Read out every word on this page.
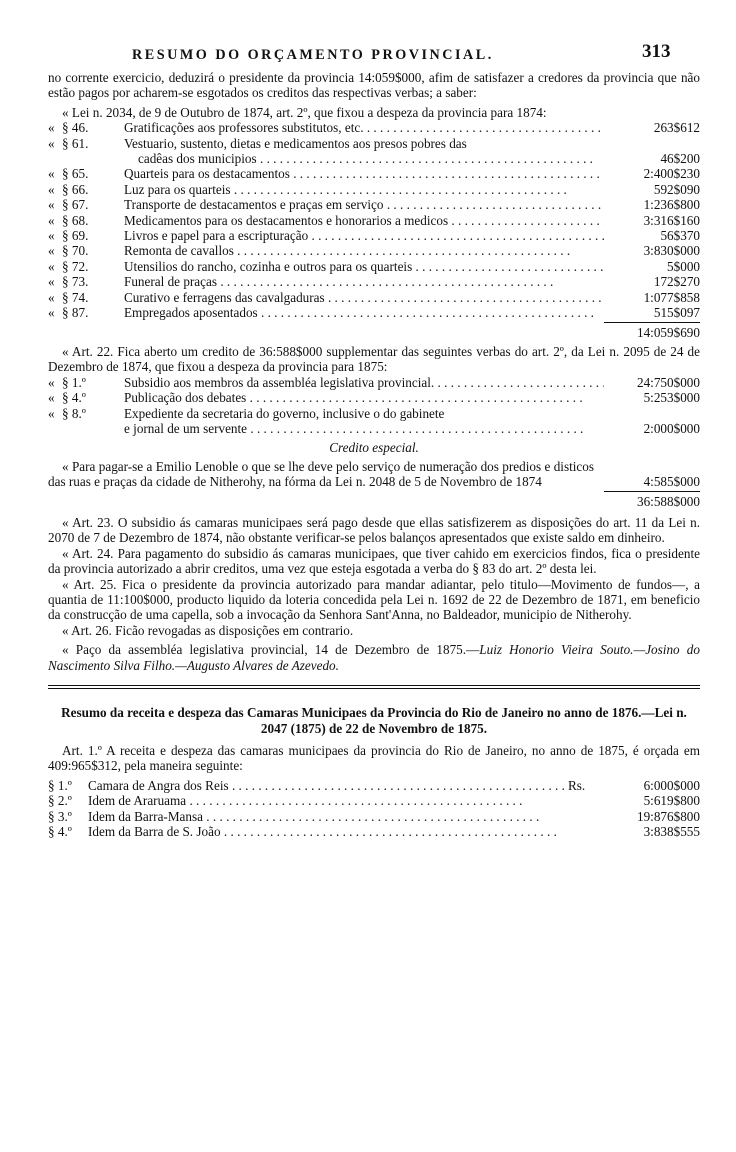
RESUMO DO ORÇAMENTO PROVINCIAL.	313

no corrente exercicio, deduzirá o presidente da provincia 14:059$000, afim de satisfazer a credores da provincia que não estão pagos por acharem-se esgotados os creditos das respectivas verbas; a saber:

« Lei n. 2034, de 9 de Outubro de 1874, art. 2º, que fixou a despeza da provincia para 1874:

« § 46.	Gratificações aos professores substitutos, etc. . . .	263$612
« § 61.	Vestuario, sustento, dietas e medicamentos aos presos pobres das
cadêas dos municipios . . .	46$200
« § 65.	Quarteis para os destacamentos . . .	2:400$230
« § 66.	Luz para os quarteis . . .	592$090
« § 67.	Transporte de destacamentos e praças em serviço . . .	1:236$800
« § 68.	Medicamentos para os destacamentos e honorarios a medicos . . .	3:316$160
« § 69.	Livros e papel para a escripturação . . .	56$370
« § 70.	Remonta de cavallos . . .	3:830$000
« § 72.	Utensilios do rancho, cozinha e outros para os quarteis . . .	5$000
« § 73.	Funeral de praças . . .	172$270
« § 74.	Curativo e ferragens das cavalgaduras . . .	1:077$858
« § 87.	Empregados aposentados . . .	515$097
14:059$690

« Art. 22. Fica aberto um credito de 36:588$000 supplementar das seguintes verbas do art. 2º, da Lei n. 2095 de 24 de Dezembro de 1874, que fixou a despeza da provincia para 1875:

« § 1.º	Subsidio aos membros da assembléa legislativa provincial. . . .	24:750$000
« § 4.º	Publicação dos debates . . .	5:253$000
« § 8.º	Expediente da secretaria do governo, inclusive o do gabinete
e jornal de um servente . . .	2:000$000
Credito especial.

« Para pagar-se a Emilio Lenoble o que se lhe deve pelo serviço de numeração dos predios e disticos das ruas e praças da cidade de Nitherohy, na fórma da Lei n. 2048 de 5 de Novembro de 1874	4:585$000
36:588$000

« Art. 23. O subsidio ás camaras municipaes será pago desde que ellas satisfizerem as disposições do art. 11 da Lei n. 2070 de 7 de Dezembro de 1874, não obstante verificar-se pelos balanços apresentados que existe saldo em dinheiro.

« Art. 24. Para pagamento do subsidio ás camaras municipaes, que tiver cahido em exercicios findos, fica o presidente da provincia autorizado a abrir creditos, uma vez que esteja esgotada a verba do § 83 do art. 2º desta lei.

« Art. 25. Fica o presidente da provincia autorizado para mandar adiantar, pelo titulo—Movimento de fundos—, a quantia de 11:100$000, producto liquido da loteria concedida pela Lei n. 1692 de 22 de Dezembro de 1871, em beneficio da construcção de uma capella, sob a invocação da Senhora Sant'Anna, no Baldeador, municipio de Nitherohy.

« Art. 26. Ficão revogadas as disposições em contrario.

« Paço da assembléa legislativa provincial, 14 de Dezembro de 1875.—Luiz Honorio Vieira Souto.—Josino do Nascimento Silva Filho.—Augusto Alvares de Azevedo.

Resumo da receita e despeza das Camaras Municipaes da Provincia do Rio de Janeiro no anno de 1876.—Lei n. 2047 (1875) de 22 de Novembro de 1875.

Art. 1.º A receita e despeza das camaras municipaes da provincia do Rio de Janeiro, no anno de 1875, é orçada em 409:965$312, pela maneira seguinte:

§ 1.º	Camara de Angra dos Reis . . .	Rs.	6:000$000
§ 2.º	Idem de Araruama . . .	5:619$800
§ 3.º	Idem da Barra-Mansa . . .	19:876$800
§ 4.º	Idem da Barra de S. João . . .	3:838$555
